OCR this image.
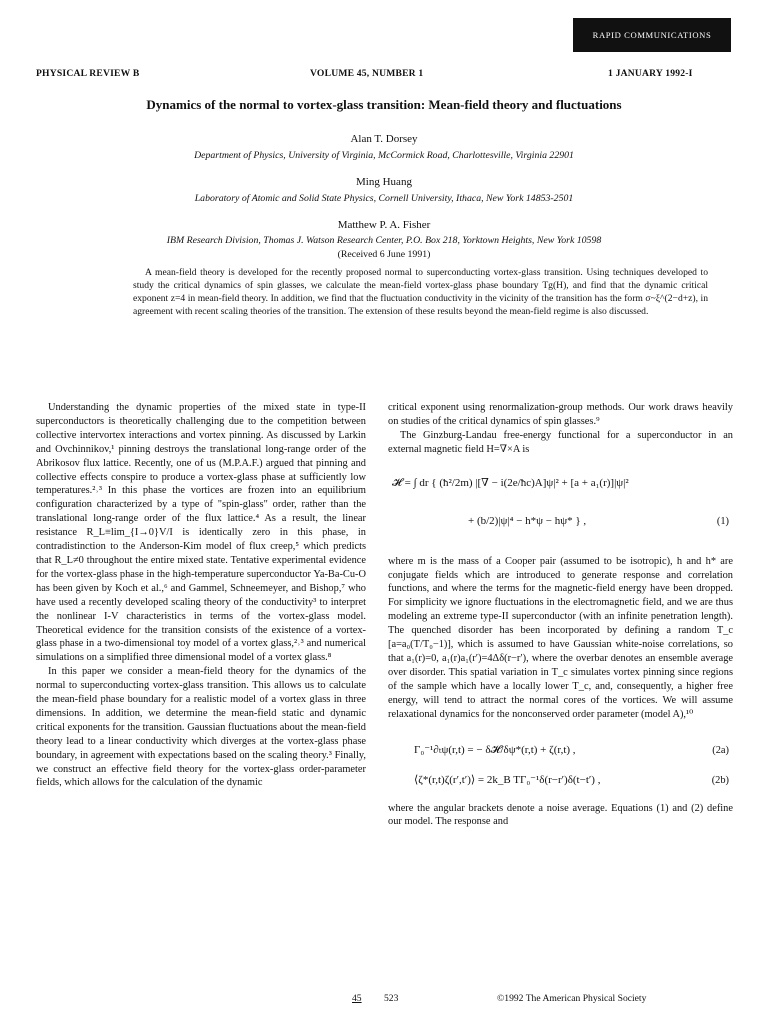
RAPID COMMUNICATIONS
PHYSICAL REVIEW B	VOLUME 45, NUMBER 1	1 JANUARY 1992-I
Dynamics of the normal to vortex-glass transition: Mean-field theory and fluctuations
Alan T. Dorsey
Department of Physics, University of Virginia, McCormick Road, Charlottesville, Virginia 22901
Ming Huang
Laboratory of Atomic and Solid State Physics, Cornell University, Ithaca, New York 14853-2501
Matthew P. A. Fisher
IBM Research Division, Thomas J. Watson Research Center, P.O. Box 218, Yorktown Heights, New York 10598
(Received 6 June 1991)

A mean-field theory is developed for the recently proposed normal to superconducting vortex-glass transition. Using techniques developed to study the critical dynamics of spin glasses, we calculate the mean-field vortex-glass phase boundary Tg(H), and find that the dynamic critical exponent z=4 in mean-field theory. In addition, we find that the fluctuation conductivity in the vicinity of the transition has the form σ~ξ^(2−d+z), in agreement with recent scaling theories of the transition. The extension of these results beyond the mean-field regime is also discussed.

Understanding the dynamic properties of the mixed state in type-II superconductors is theoretically challenging due to the competition between collective intervortex interactions and vortex pinning. As discussed by Larkin and Ovchinnikov,¹ pinning destroys the translational long-range order of the Abrikosov flux lattice. Recently, one of us (M.P.A.F.) argued that pinning and collective effects conspire to produce a vortex-glass phase at sufficiently low temperatures.²˒³ In this phase the vortices are frozen into an equilibrium configuration characterized by a type of "spin-glass" order, rather than the translational long-range order of the flux lattice.⁴ As a result, the linear resistance R_L≡lim_{I→0}V/I is identically zero in this phase, in contradistinction to the Anderson-Kim model of flux creep,⁵ which predicts that R_L≠0 throughout the entire mixed state. Tentative experimental evidence for the vortex-glass phase in the high-temperature superconductor Ya-Ba-Cu-O has been given by Koch et al.,⁶ and Gammel, Schneemeyer, and Bishop,⁷ who have used a recently developed scaling theory of the conductivity³ to interpret the nonlinear I-V characteristics in terms of the vortex-glass model. Theoretical evidence for the transition consists of the existence of a vortex-glass phase in a two-dimensional toy model of a vortex glass,²˒³ and numerical simulations on a simplified three dimensional model of a vortex glass.⁸

In this paper we consider a mean-field theory for the dynamics of the normal to superconducting vortex-glass transition. This allows us to calculate the mean-field phase boundary for a realistic model of a vortex glass in three dimensions. In addition, we determine the mean-field static and dynamic critical exponents for the transition. Gaussian fluctuations about the mean-field theory lead to a linear conductivity which diverges at the vortex-glass phase boundary, in agreement with expectations based on the scaling theory.³ Finally, we construct an effective field theory for the vortex-glass order-parameter fields, which allows for the calculation of the dynamic

critical exponent using renormalization-group methods. Our work draws heavily on studies of the critical dynamics of spin glasses.⁹

The Ginzburg-Landau free-energy functional for a superconductor in an external magnetic field H=∇×A is

𝓗 = ∫ dr { (ħ²/2m) |[∇ − i(2e/ħc)A]ψ|² + [a + a₁(r)]|ψ|²
+ (b/2)|ψ|⁴ − h*ψ − hψ* } ,	(1)

where m is the mass of a Cooper pair (assumed to be isotropic), h and h* are conjugate fields which are introduced to generate response and correlation functions, and where the terms for the magnetic-field energy have been dropped. For simplicity we ignore fluctuations in the electromagnetic field, and we are thus modeling an extreme type-II superconductor (with an infinite penetration length). The quenched disorder has been incorporated by defining a random T_c [a=a₀(T/T₀−1)], which is assumed to have Gaussian white-noise correlations, so that a₁(r)=0, a₁(r)a₁(r′)=4Δδ(r−r′), where the overbar denotes an ensemble average over disorder. This spatial variation in T_c simulates vortex pinning since regions of the sample which have a locally lower T_c, and, consequently, a higher free energy, will tend to attract the normal cores of the vortices. We will assume relaxational dynamics for the nonconserved order parameter (model A),¹⁰

Γ₀⁻¹∂ₜψ(r,t) = − δ𝓗/δψ*(r,t) + ζ(r,t) ,	(2a)
⟨ζ*(r,t)ζ(r′,t′)⟩ = 2k_B TΓ₀⁻¹δ(r−r′)δ(t−t′) ,	(2b)

where the angular brackets denote a noise average. Equations (1) and (2) define our model. The response and

45 523	©1992 The American Physical Society
